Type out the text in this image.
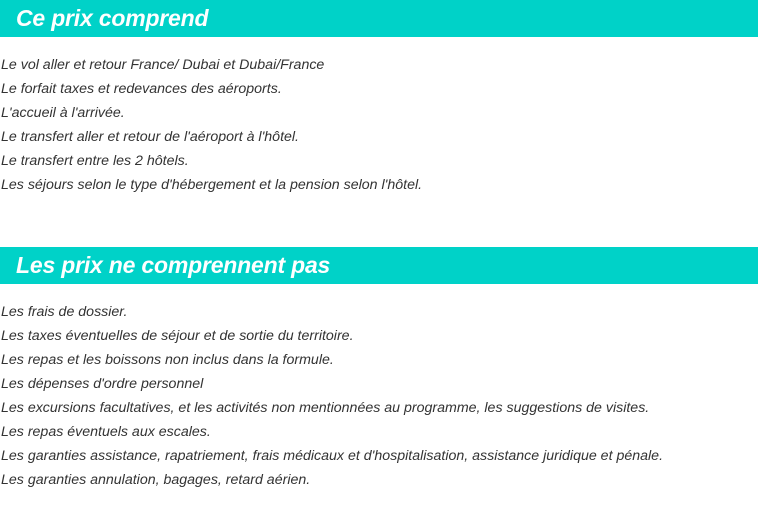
Ce prix comprend
Le vol aller et retour France/ Dubai et Dubai/France
Le forfait taxes et redevances des aéroports.
L'accueil à l'arrivée.
Le transfert aller et retour de l'aéroport à l'hôtel.
Le transfert entre les 2 hôtels.
Les séjours selon le type d'hébergement et la pension selon l'hôtel.
Les prix ne comprennent pas
Les frais de dossier.
Les taxes éventuelles de séjour et de sortie du territoire.
Les repas et les boissons non inclus dans la formule.
Les dépenses d'ordre personnel
Les excursions facultatives, et les activités non mentionnées au programme, les suggestions de visites.
Les repas éventuels aux escales.
Les garanties assistance, rapatriement, frais médicaux et d'hospitalisation, assistance juridique et pénale.
Les garanties annulation, bagages, retard aérien.
